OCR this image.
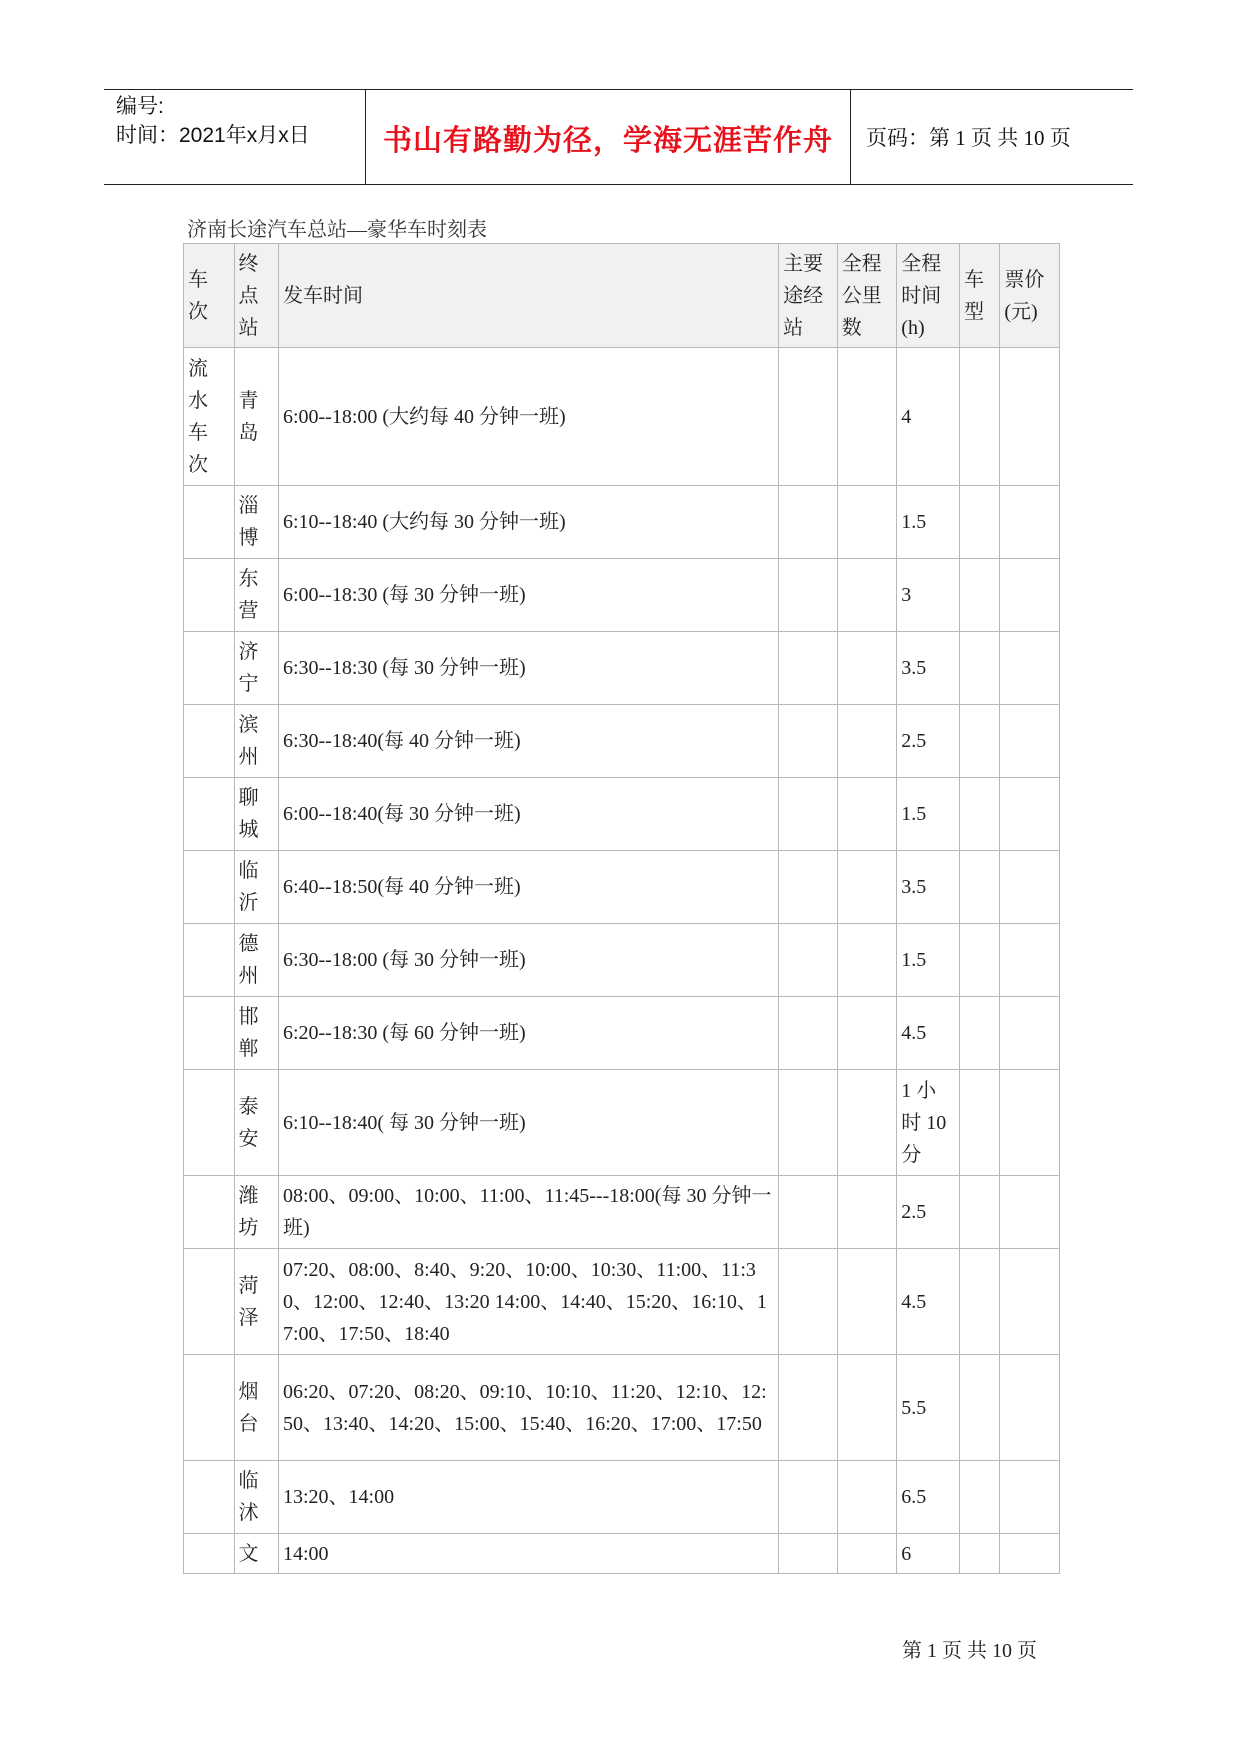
编号:
时间：2021年x月x日	书山有路勤为径，学海无涯苦作舟	页码：第 1 页 共 10 页
济南长途汽车总站—豪华车时刻表
车次	终点站	发车时间	主要途经站	全程公里数	全程时间(h)	车型	票价(元)
流水车次	青岛	6:00--18:00 (大约每 40 分钟一班)			4		
	淄博	6:10--18:40 (大约每 30 分钟一班)			1.5		
	东营	6:00--18:30 (每 30 分钟一班)			3		
	济宁	6:30--18:30 (每 30 分钟一班)			3.5		
	滨州	6:30--18:40(每 40 分钟一班)			2.5		
	聊城	6:00--18:40(每 30 分钟一班)			1.5		
	临沂	6:40--18:50(每 40 分钟一班)			3.5		
	德州	6:30--18:00 (每 30 分钟一班)			1.5		
	邯郸	6:20--18:30 (每 60 分钟一班)			4.5		
	泰安	6:10--18:40( 每 30 分钟一班)			1 小时 10 分		
	潍坊	08:00、09:00、10:00、11:00、11:45---18:00(每 30 分钟一班)			2.5		
	菏泽	07:20、08:00、8:40、9:20、10:00、10:30、11:00、11:30、12:00、12:40、13:20 14:00、14:40、15:20、16:10、17:00、17:50、18:40			4.5		
	烟台	06:20、07:20、08:20、09:10、10:10、11:20、12:10、12:50、13:40、14:20、15:00、15:40、16:20、17:00、17:50			5.5		
	临沭	13:20、14:00			6.5		
	文	14:00			6		
第 1 页 共 10 页
